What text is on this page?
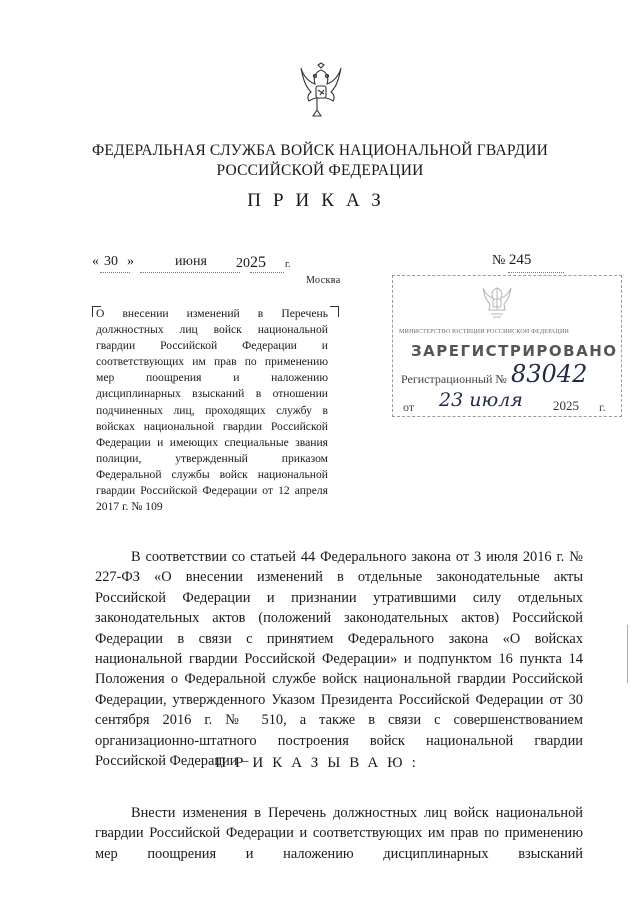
ФЕДЕРАЛЬНАЯ СЛУЖБА ВОЙСК НАЦИОНАЛЬНОЙ ГВАРДИИ
РОССИЙСКОЙ ФЕДЕРАЦИИ
ПРИКАЗ
« 30 »	июня 2025 г.	№ 245
Москва
О внесении изменений в Перечень должностных лиц войск национальной гвардии Российской Федерации и соответствующих им прав по применению мер поощрения и наложению дисциплинарных взысканий в отношении подчиненных лиц, проходящих службу в войсках национальной гвардии Российской Федерации и имеющих специальные звания полиции, утвержденный приказом Федеральной службы войск национальной гвардии Российской Федерации от 12 апреля 2017 г. № 109
МИНИСТЕРСТВО ЮСТИЦИИ РОССИЙСКОЙ ФЕДЕРАЦИИ
ЗАРЕГИСТРИРОВАНО
Регистрационный № 83042
от 23 июля 2025 г.
В соответствии со статьей 44 Федерального закона от 3 июля 2016 г. № 227-ФЗ «О внесении изменений в отдельные законодательные акты Российской Федерации и признании утратившими силу отдельных законодательных актов (положений законодательных актов) Российской Федерации в связи с принятием Федерального закона «О войсках национальной гвардии Российской Федерации» и подпунктом 16 пункта 14 Положения о Федеральной службе войск национальной гвардии Российской Федерации, утвержденного Указом Президента Российской Федерации от 30 сентября 2016 г. № 510, а также в связи с совершенствованием организационно-штатного построения войск национальной гвардии Российской Федерации –
ПРИКАЗЫВАЮ:
Внести изменения в Перечень должностных лиц войск национальной гвардии Российской Федерации и соответствующих им прав по применению мер поощрения и наложению дисциплинарных взысканий
